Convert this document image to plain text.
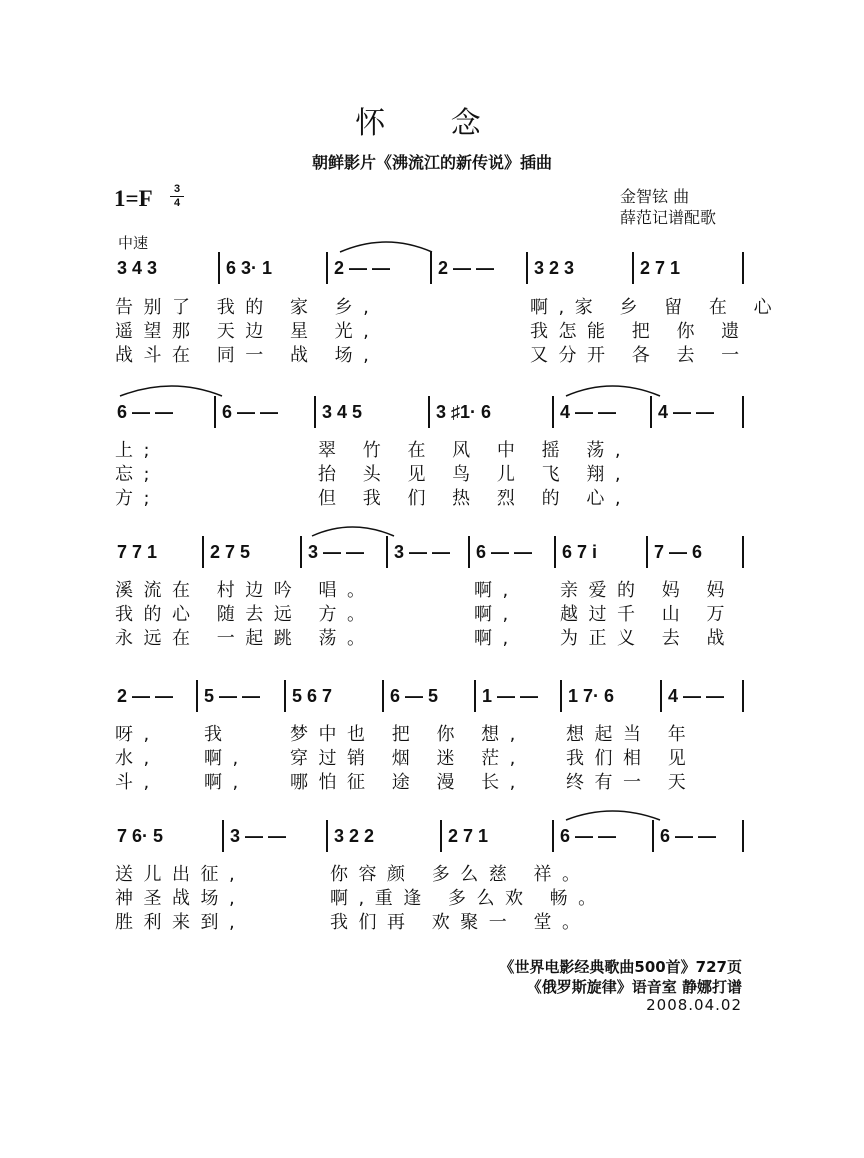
怀 念
朝鲜影片《沸流江的新传说》插曲
1=F	3
4	金智铉 曲
薛范记谱配歌
中速
3 4 3	6 3· 1	2 — —	2 — — 3 2 3	2 7 1
告别了 我的 家 乡,	啊,家 乡 留 在 心
遥望那 天边 星 光,	我怎能 把 你 遗
战斗在 同一 战 场,	又分开 各 去 一
6 — —	6 — — 3 4 5	3 ♯1· 6	4 — — 4 — —
上;	翠 竹 在 风 中 摇 荡,
忘;	抬 头 见 鸟 儿 飞 翔,
方;	但 我 们 热 烈 的 心,
7 7 1	2 7 5	3 — — 3 — — 6 — — 6 7 i	7 — 6
溪流在 村边吟 唱。	啊, 亲爱的 妈 妈
我的心 随去远 方。	啊, 越过千 山 万
永远在 一起跳 荡。	啊, 为正义 去 战
2 — — 5 — — 5 6 7	6 — 5 1 — — 1 7· 6	4 — —
呀, 我	梦中也 把 你 想, 想起当 年
水, 啊, 穿过销 烟 迷 茫, 我们相 见
斗, 啊, 哪怕征 途 漫 长, 终有一 天
7 6· 5	3 — —	3 2 2	2 7 1	6 — — 6 — —
送儿出征,	你容颜 多么慈 祥。
神圣战场,	啊,重逢 多么欢 畅。
胜利来到,	我们再 欢聚一 堂。
《世界电影经典歌曲500首》727页
《俄罗斯旋律》语音室 静娜打谱
2008.04.02
